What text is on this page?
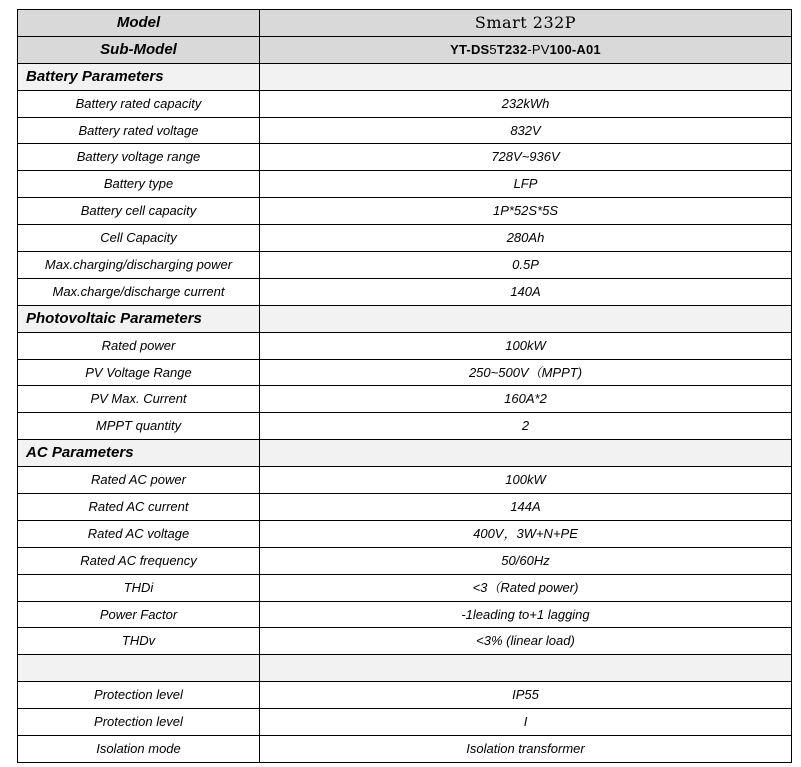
Model	Smart 232P
Sub-Model	YT-DS5T232-PV100-A01
Battery Parameters	
Battery rated capacity	232kWh
Battery rated voltage	832V
Battery voltage range	728V~936V
Battery type	LFP
Battery cell capacity	1P*52S*5S
Cell Capacity	280Ah
Max.charging/discharging power	0.5P
Max.charge/discharge current	140A
Photovoltaic Parameters	
Rated power	100kW
PV Voltage Range	250~500V（MPPT)
PV Max. Current	160A*2
MPPT quantity	2
AC Parameters	
Rated AC power	100kW
Rated AC current	144A
Rated AC voltage	400V，3W+N+PE
Rated AC frequency	50/60Hz
THDi	<3（Rated power)
Power Factor	-1leading to+1 lagging
THDv	<3% (linear load)

Protection level	IP55
Protection level	I
Isolation mode	Isolation transformer
